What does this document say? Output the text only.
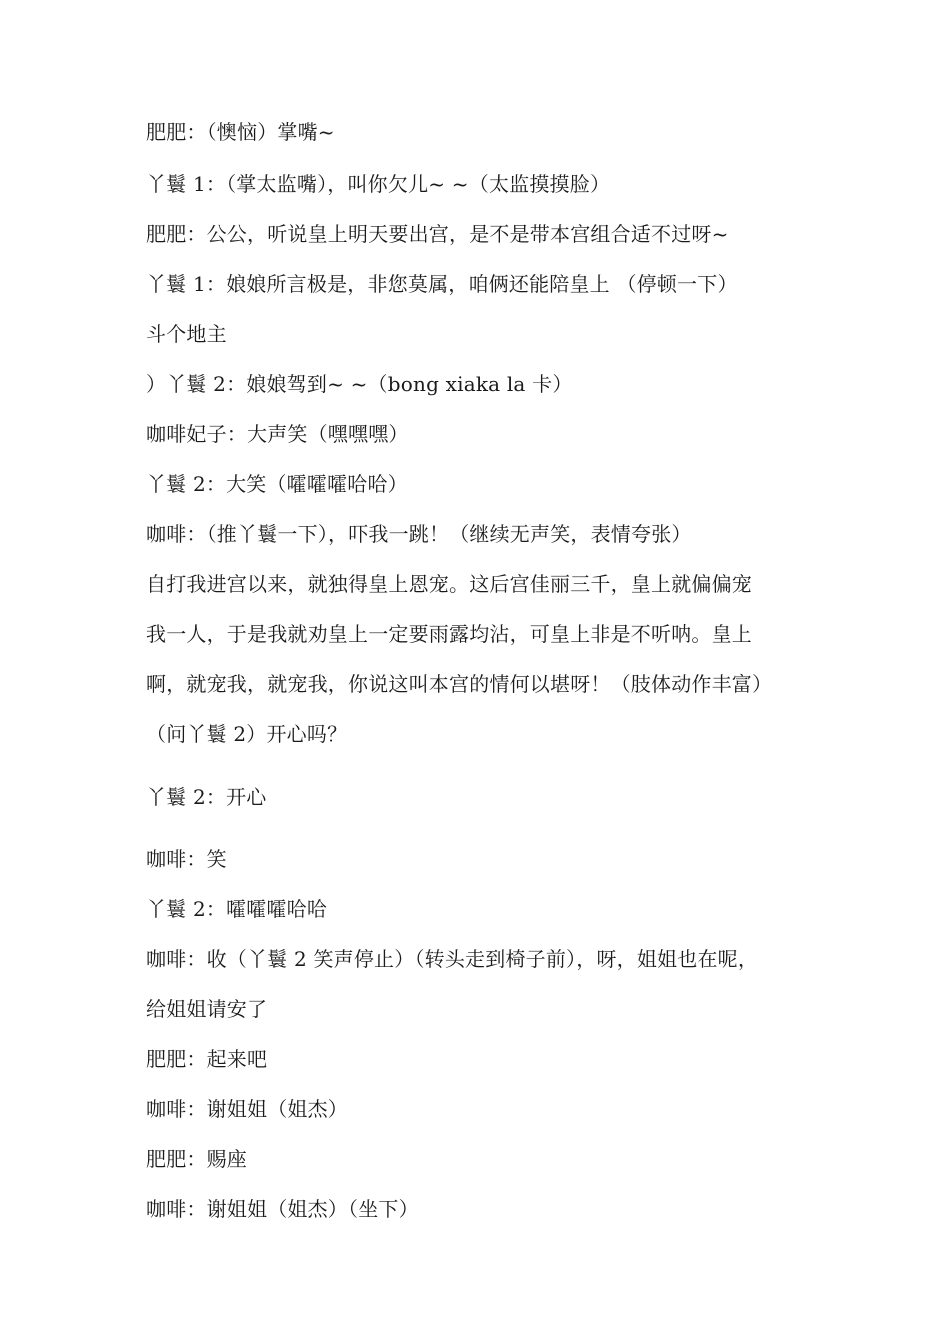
肥肥：（懊恼）掌嘴~
丫鬟 1：（掌太监嘴），叫你欠儿~ ~（太监摸摸脸）
肥肥：公公，听说皇上明天要出宫，是不是带本宫组合适不过呀~
丫鬟 1：娘娘所言极是，非您莫属，咱俩还能陪皇上 （停顿一下）
斗个地主
）丫鬟 2：娘娘驾到~ ~（bong xiaka la 卡）
咖啡妃子：大声笑（嘿嘿嘿）
丫鬟 2：大笑（嚯嚯嚯哈哈）
咖啡：（推丫鬟一下），吓我一跳！（继续无声笑，表情夸张）
自打我进宫以来，就独得皇上恩宠。这后宫佳丽三千，皇上就偏偏宠
我一人，于是我就劝皇上一定要雨露均沾，可皇上非是不听呐。皇上
啊，就宠我，就宠我，你说这叫本宫的情何以堪呀！（肢体动作丰富）
（问丫鬟 2）开心吗？
丫鬟 2：开心
咖啡：笑
丫鬟 2：嚯嚯嚯哈哈
咖啡：收（丫鬟 2 笑声停止）（转头走到椅子前），呀，姐姐也在呢，
给姐姐请安了
肥肥：起来吧
咖啡：谢姐姐（姐杰）
肥肥：赐座
咖啡：谢姐姐（姐杰）（坐下）
